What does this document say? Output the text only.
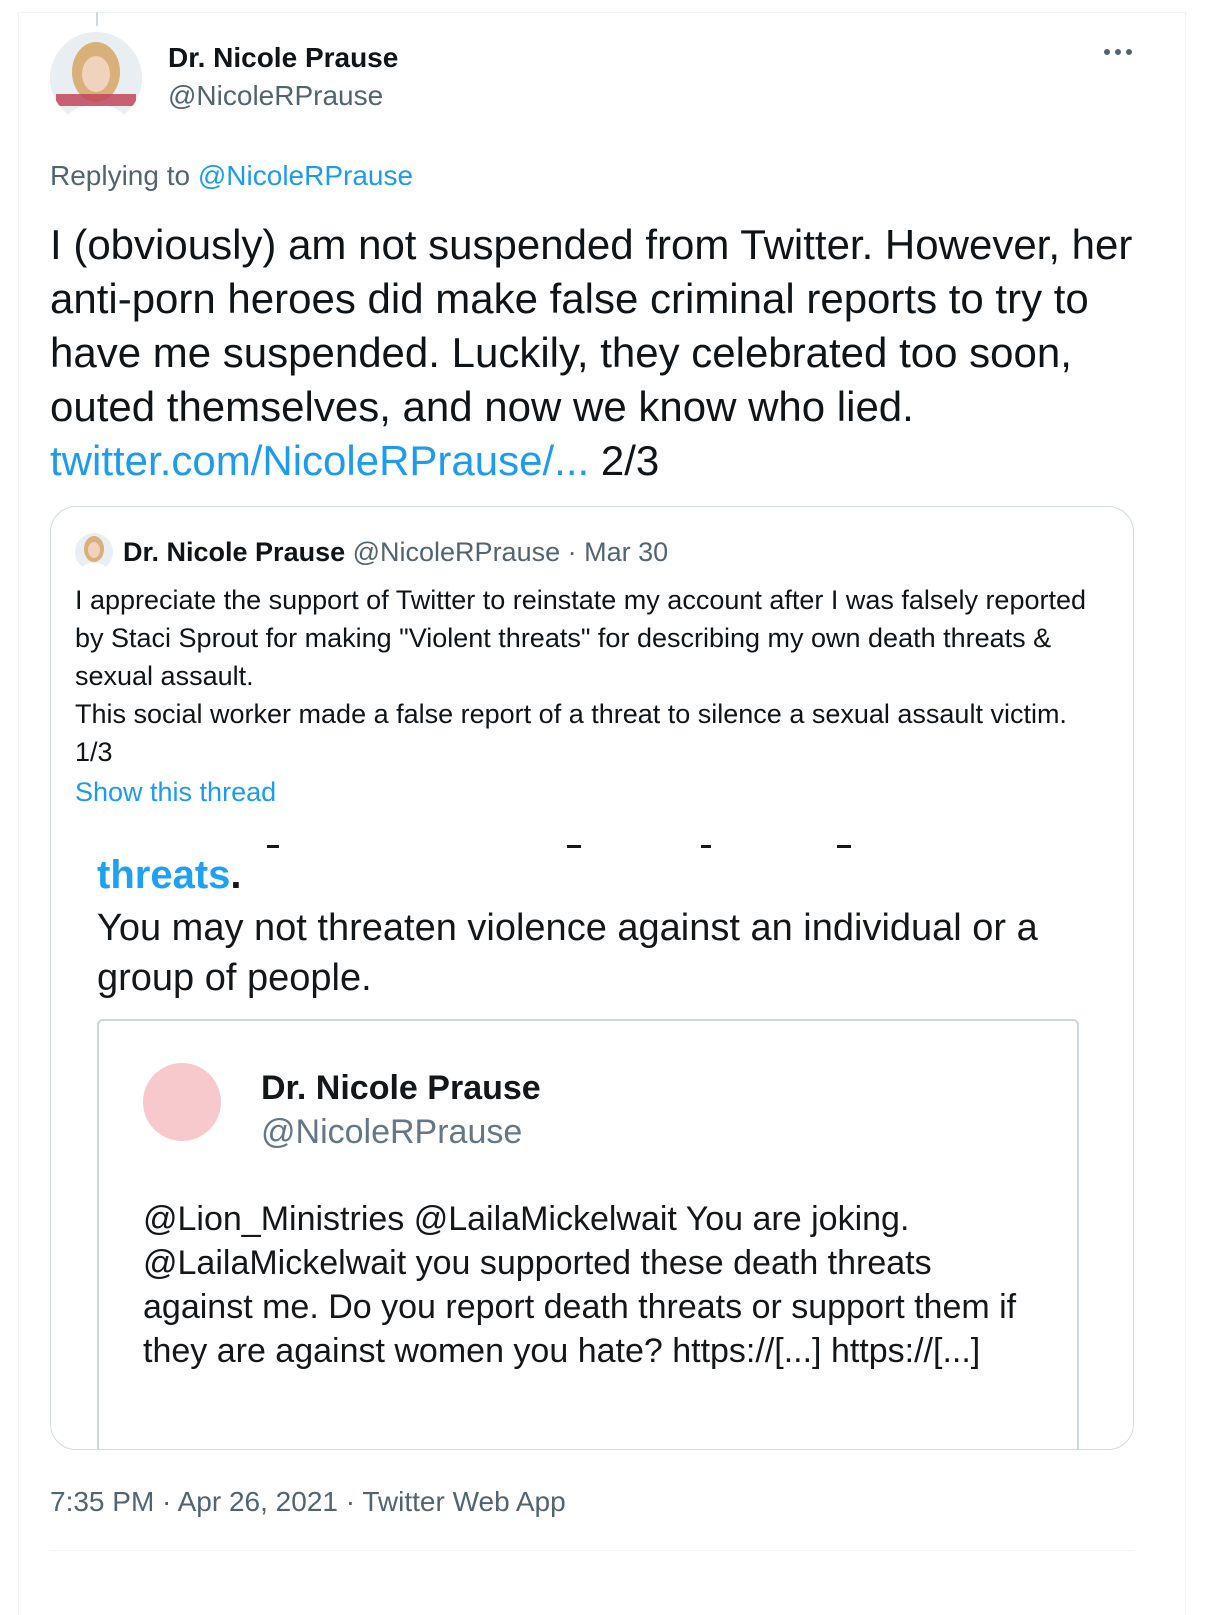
Dr. Nicole Prause
@NicoleRPrause
Replying to @NicoleRPrause
I (obviously) am not suspended from Twitter. However, her anti-porn heroes did make false criminal reports to try to have me suspended. Luckily, they celebrated too soon, outed themselves, and now we know who lied. twitter.com/NicoleRPrause/... 2/3
Dr. Nicole Prause @NicoleRPrause · Mar 30
I appreciate the support of Twitter to reinstate my account after I was falsely reported by Staci Sprout for making "Violent threats" for describing my own death threats & sexual assault.
This social worker made a false report of a threat to silence a sexual assault victim. 1/3
Show this thread
threats.
You may not threaten violence against an individual or a group of people.
Dr. Nicole Prause
@NicoleRPrause
@Lion_Ministries @LailaMickelwait You are joking. @LailaMickelwait you supported these death threats against me. Do you report death threats or support them if they are against women you hate? https://[...] https://[...]
7:35 PM · Apr 26, 2021 · Twitter Web App
